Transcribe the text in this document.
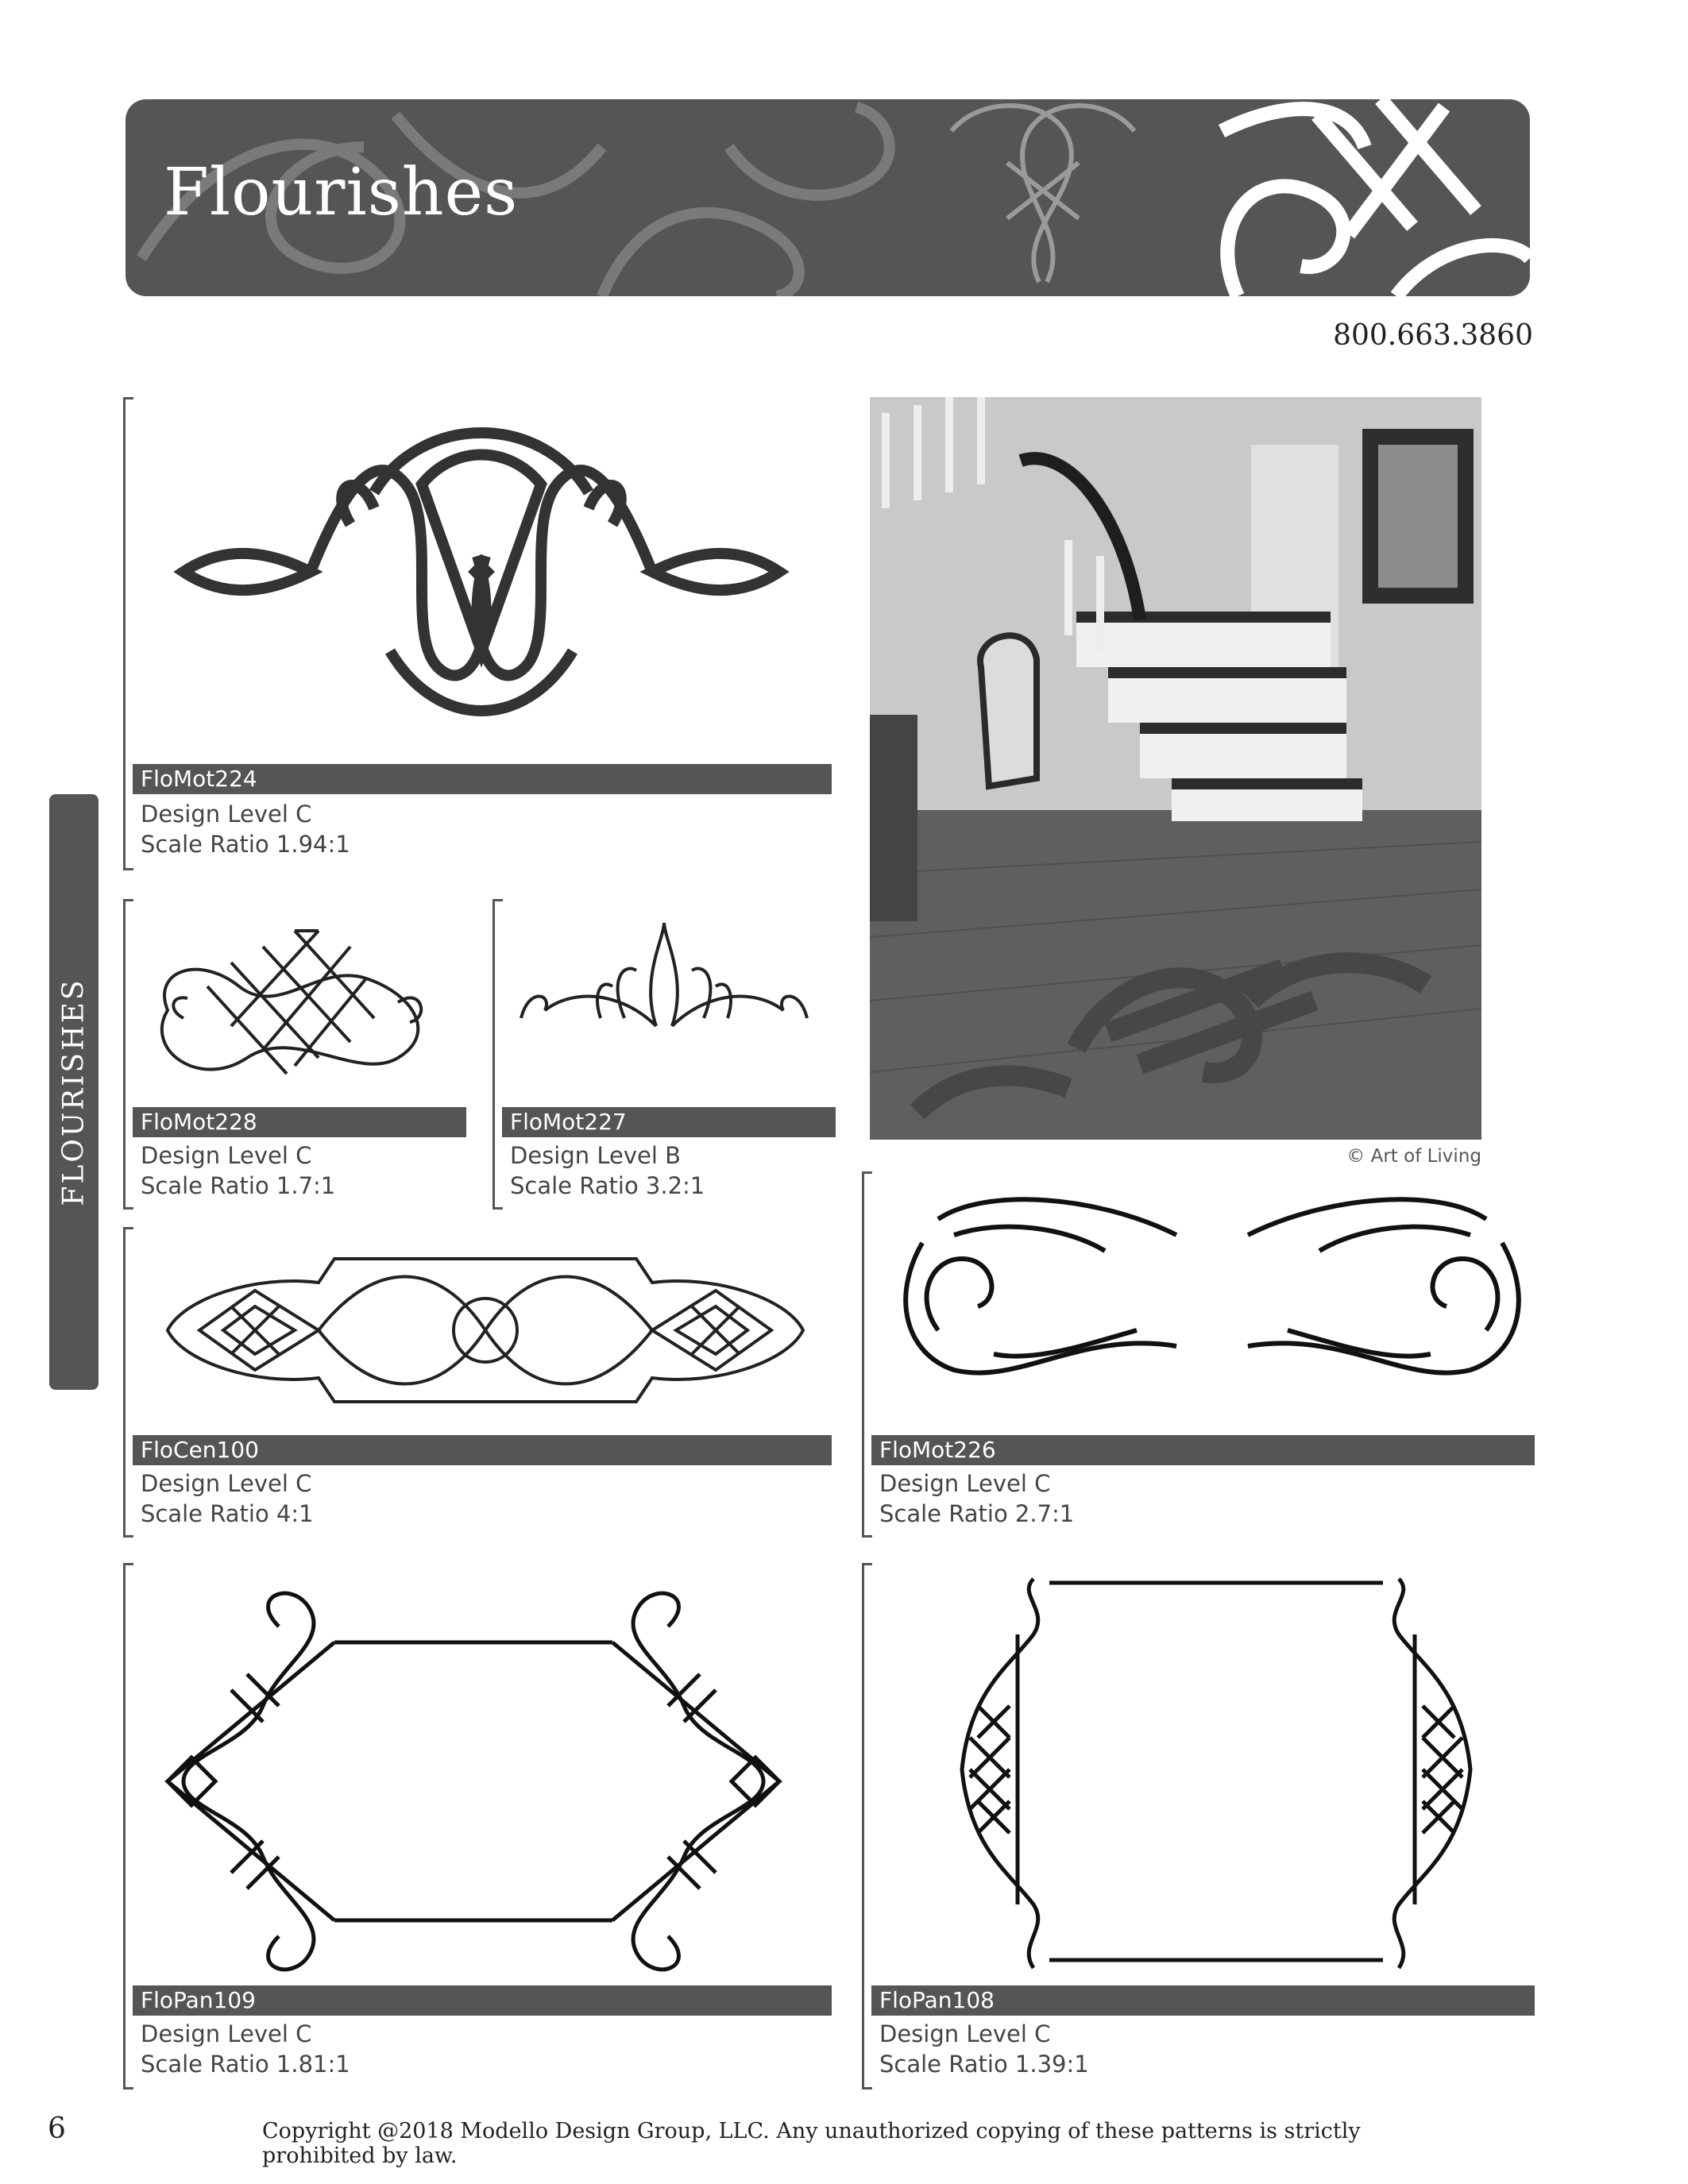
Flourishes
800.663.3860
FLOURISHES
FloMot224
Design Level C
Scale Ratio 1.94:1
FloMot228
Design Level C
Scale Ratio 1.7:1
FloMot227
Design Level B
Scale Ratio 3.2:1
© Art of Living
FloCen100
Design Level C
Scale Ratio 4:1
FloMot226
Design Level C
Scale Ratio 2.7:1
FloPan109
Design Level C
Scale Ratio 1.81:1
FloPan108
Design Level C
Scale Ratio 1.39:1
6	Copyright @2018 Modello Design Group, LLC. Any unauthorized copying of these patterns is strictly prohibited by law.
